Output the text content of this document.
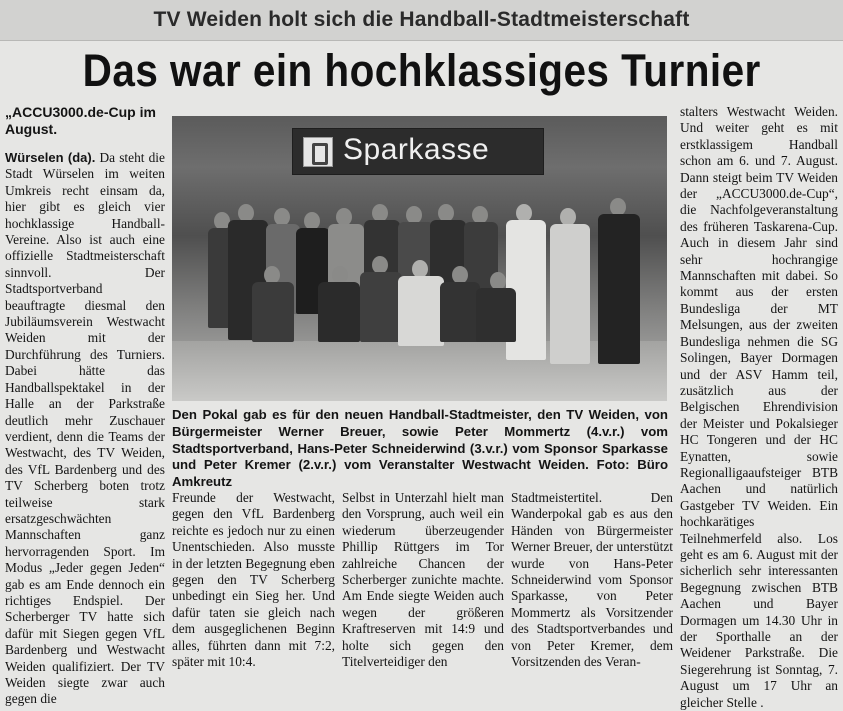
TV Weiden holt sich die Handball-Stadtmeisterschaft
Das war ein hochklassiges Turnier

„ACCU3000.de-Cup im August.

Würselen (da). Da steht die Stadt Würselen im weiten Umkreis recht einsam da, hier gibt es gleich vier hochklassige Handball-Vereine. Also ist auch eine offizielle Stadtmeisterschaft sinnvoll. Der Stadtsportverband beauftragte diesmal den Jubiläumsverein Westwacht Weiden mit der Durchführung des Turniers. Dabei hätte das Handballspektakel in der Halle an der Parkstraße deutlich mehr Zuschauer verdient, denn die Teams der Westwacht, des TV Weiden, des VfL Bardenberg und des TV Scherberg boten trotz teilweise stark ersatzgeschwächten Mannschaften ganz hervorragenden Sport. Im Modus „Jeder gegen Jeden“ gab es am Ende dennoch ein richtiges Endspiel. Der Scherberger TV hatte sich dafür mit Siegen gegen VfL Bardenberg und Westwacht Weiden qualifiziert. Der TV Weiden siegte zwar auch gegen die

Sparkasse
Den Pokal gab es für den neuen Handball-Stadtmeister, den TV Weiden, von Bürgermeister Werner Breuer, sowie Peter Mommertz (4.v.r.) vom Stadtsportverband, Hans-Peter Schneiderwind (3.v.r.) vom Sponsor Sparkasse und Peter Kremer (2.v.r.) vom Veranstalter Westwacht Weiden. Foto: Büro Amkreutz

Freunde der Westwacht, gegen den VfL Bardenberg reichte es jedoch nur zu einen Unentschieden. Also musste in der letzten Begegnung eben gegen den TV Scherberg unbedingt ein Sieg her. Und dafür taten sie gleich nach dem ausgeglichenen Beginn alles, führten dann mit 7:2, später mit 10:4.

Selbst in Unterzahl hielt man den Vorsprung, auch weil ein wiederum überzeugender Phillip Rüttgers im Tor zahlreiche Chancen der Scherberger zunichte machte. Am Ende siegte Weiden auch wegen der größeren Kraftreserven mit 14:9 und holte sich gegen den Titelverteidiger den

Stadtmeistertitel. Den Wanderpokal gab es aus den Händen von Bürgermeister Werner Breuer, der unterstützt wurde von Hans-Peter Schneiderwind vom Sponsor Sparkasse, von Peter Mommertz als Vorsitzender des Stadtsportverbandes und von Peter Kremer, dem Vorsitzenden des Veran-

stalters Westwacht Weiden. Und weiter geht es mit erstklassigem Handball schon am 6. und 7. August. Dann steigt beim TV Weiden der „ACCU3000.de-Cup“, die Nachfolgeveranstaltung des früheren Taskarena-Cup. Auch in diesem Jahr sind sehr hochrangige Mannschaften mit dabei. So kommt aus der ersten Bundesliga der MT Melsungen, aus der zweiten Bundesliga nehmen die SG Solingen, Bayer Dormagen und der ASV Hamm teil, zusätzlich aus der Belgischen Ehrendivision der Meister und Pokalsieger HC Tongeren und der HC Eynatten, sowie Regionalligaaufsteiger BTB Aachen und natürlich Gastgeber TV Weiden. Ein hochkarätiges Teilnehmerfeld also. Los geht es am 6. August mit der sicherlich sehr interessanten Begegnung zwischen BTB Aachen und Bayer Dormagen um 14.30 Uhr in der Sporthalle an der Weidener Parkstraße. Die Siegerehrung ist Sonntag, 7. August um 17 Uhr an gleicher Stelle .
